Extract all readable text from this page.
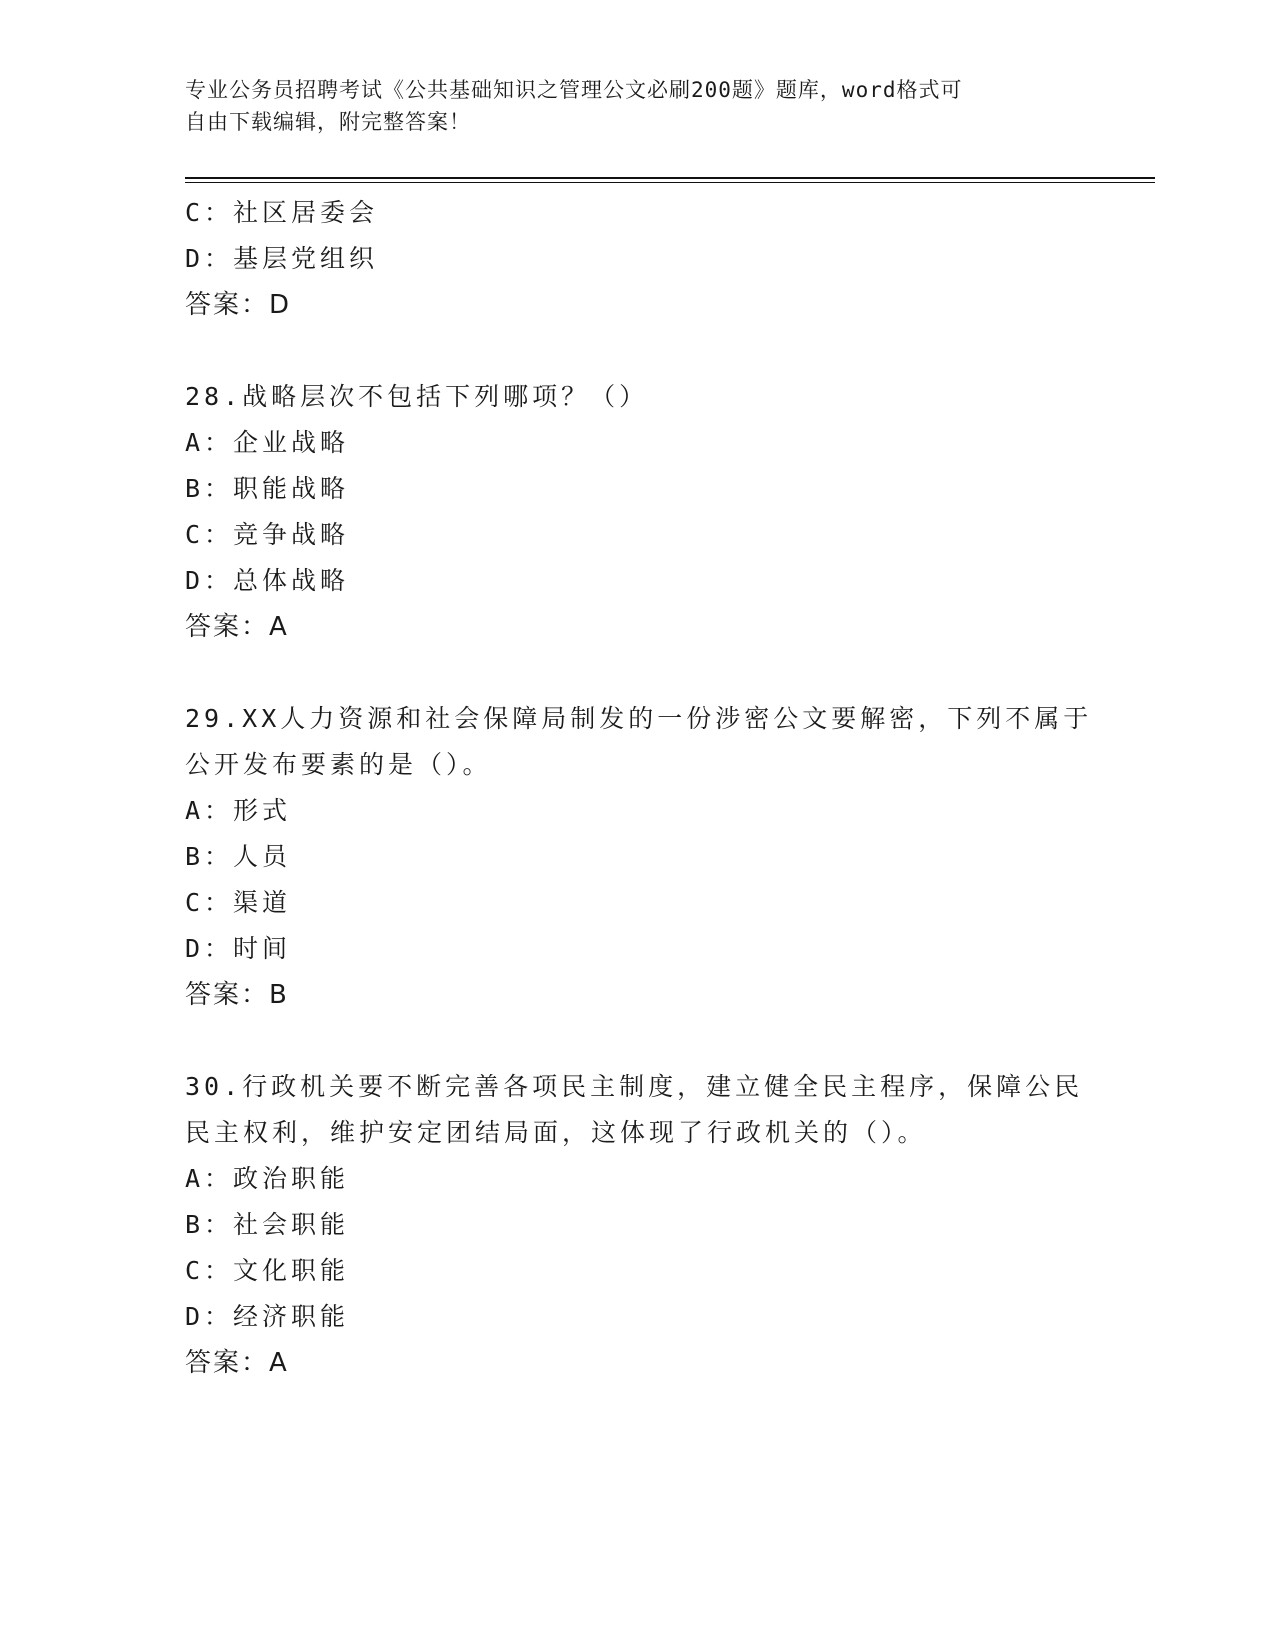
专业公务员招聘考试《公共基础知识之管理公文必刷200题》题库，word格式可
自由下载编辑，附完整答案！
C：社区居委会
D：基层党组织
答案：D
28.战略层次不包括下列哪项？（）
A：企业战略
B：职能战略
C：竞争战略
D：总体战略
答案：A
29.XX人力资源和社会保障局制发的一份涉密公文要解密，下列不属于
公开发布要素的是（）。
A：形式
B：人员
C：渠道
D：时间
答案：B
30.行政机关要不断完善各项民主制度，建立健全民主程序，保障公民
民主权利，维护安定团结局面，这体现了行政机关的（）。
A：政治职能
B：社会职能
C：文化职能
D：经济职能
答案：A
